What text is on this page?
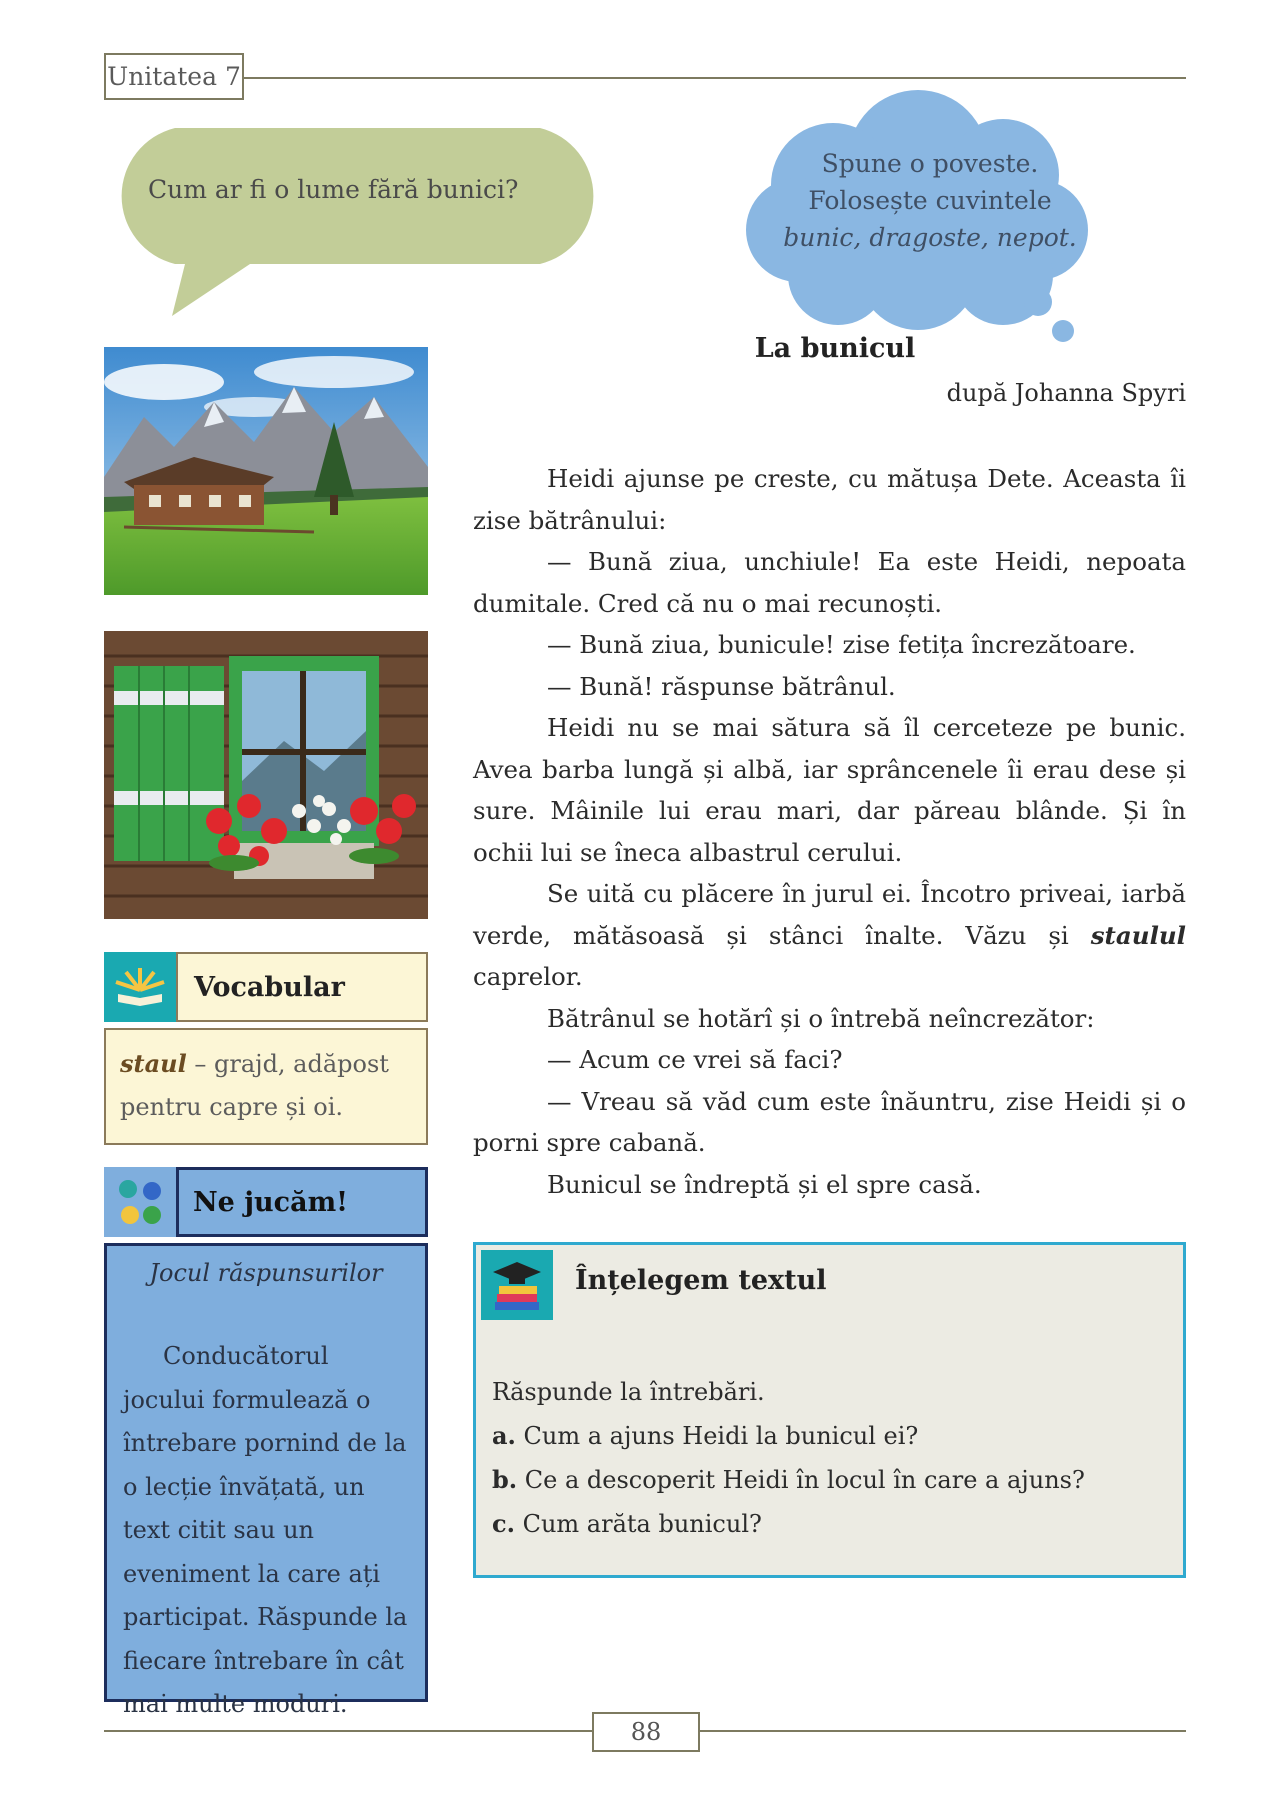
Unitatea 7
Cum ar fi o lume fără bunici?
Spune o poveste.
Folosește cuvintele
bunic, dragoste, nepot.
La bunicul
după Johanna Spyri

Heidi ajunse pe creste, cu mătușa Dete. Aceasta îi zise bătrânului:

— Bună ziua, unchiule! Ea este Heidi, nepoata dumitale. Cred că nu o mai recunoști.

— Bună ziua, bunicule! zise fetița încrezătoare.

— Bună! răspunse bătrânul.

Heidi nu se mai sătura să îl cerceteze pe bunic. Avea barba lungă și albă, iar sprâncenele îi erau dese și sure. Mâinile lui erau mari, dar păreau blânde. Și în ochii lui se îneca albastrul cerului.

Se uită cu plăcere în jurul ei. Încotro priveai, iarbă verde, mătăsoasă și stânci înalte. Văzu și staulul caprelor.

Bătrânul se hotărî și o întrebă neîncrezător:

— Acum ce vrei să faci?

— Vreau să văd cum este înăuntru, zise Heidi și o porni spre cabană.

Bunicul se îndreptă și el spre casă.

Vocabular
staul – grajd, adăpost pentru capre și oi.
Ne jucăm!
Jocul răspunsurilor

Conducătorul jocului formulează o întrebare pornind de la o lecție învățată, un text citit sau un eveniment la care ați participat. Răspunde la fiecare întrebare în cât mai multe moduri.

Înțelegem textul
Răspunde la întrebări.
a. Cum a ajuns Heidi la bunicul ei?
b. Ce a descoperit Heidi în locul în care a ajuns?
c. Cum arăta bunicul?
88
